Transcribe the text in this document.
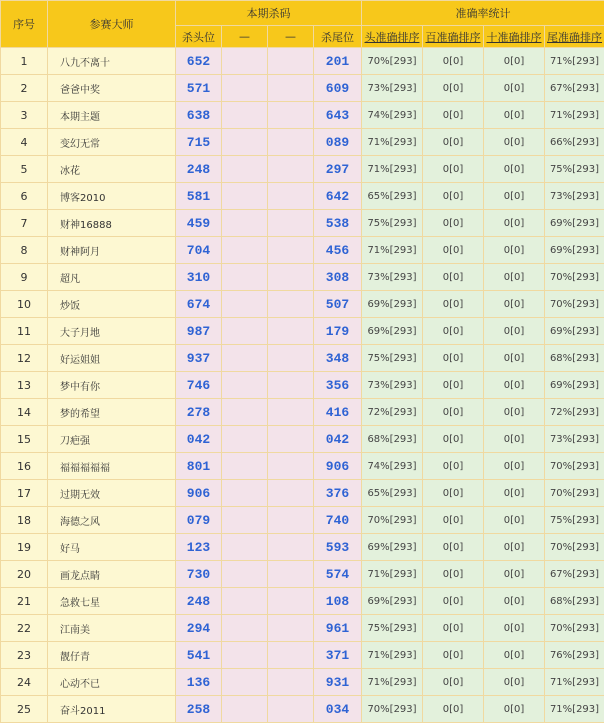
序号	参赛大师	本期杀码				准确率统计			
		杀头位	—	—	杀尾位	头准确排序	百准确排序	十准确排序	尾准确排序
1	八九不离十	652			201	70%[293]	0[0]	0[0]	71%[293]
2	爸爸中奖	571			609	73%[293]	0[0]	0[0]	67%[293]
3	本期主题	638			643	74%[293]	0[0]	0[0]	71%[293]
4	变幻无常	715			089	71%[293]	0[0]	0[0]	66%[293]
5	冰花	248			297	71%[293]	0[0]	0[0]	75%[293]
6	博客2010	581			642	65%[293]	0[0]	0[0]	73%[293]
7	财神16888	459			538	75%[293]	0[0]	0[0]	69%[293]
8	财神阿月	704			456	71%[293]	0[0]	0[0]	69%[293]
9	超凡	310			308	73%[293]	0[0]	0[0]	70%[293]
10	炒饭	674			507	69%[293]	0[0]	0[0]	70%[293]
11	大子月地	987			179	69%[293]	0[0]	0[0]	69%[293]
12	好运姐姐	937			348	75%[293]	0[0]	0[0]	68%[293]
13	梦中有你	746			356	73%[293]	0[0]	0[0]	69%[293]
14	梦的希望	278			416	72%[293]	0[0]	0[0]	72%[293]
15	刀疤强	042			042	68%[293]	0[0]	0[0]	73%[293]
16	福福福福福	801			906	74%[293]	0[0]	0[0]	70%[293]
17	过期无效	906			376	65%[293]	0[0]	0[0]	70%[293]
18	海德之风	079			740	70%[293]	0[0]	0[0]	75%[293]
19	好马	123			593	69%[293]	0[0]	0[0]	70%[293]
20	画龙点睛	730			574	71%[293]	0[0]	0[0]	67%[293]
21	急救七星	248			108	69%[293]	0[0]	0[0]	68%[293]
22	江南美	294			961	75%[293]	0[0]	0[0]	70%[293]
23	靓仔青	541			371	71%[293]	0[0]	0[0]	76%[293]
24	心动不已	136			931	71%[293]	0[0]	0[0]	71%[293]
25	奋斗2011	258			034	70%[293]	0[0]	0[0]	71%[293]
